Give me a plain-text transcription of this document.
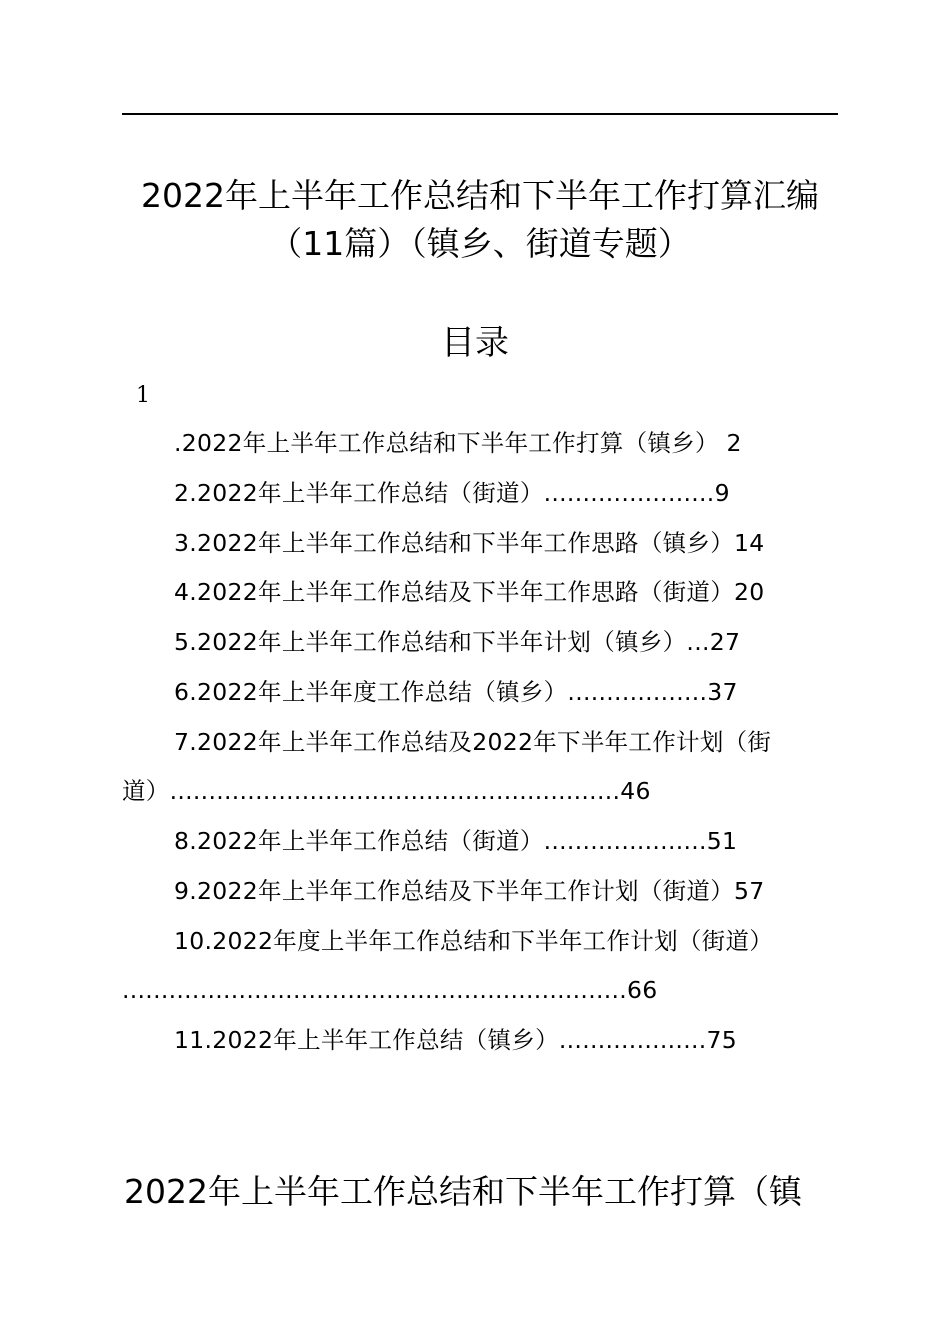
2022年上半年工作总结和下半年工作打算汇编
（11篇）（镇乡、街道专题）
目录
1
.2022年上半年工作总结和下半年工作打算（镇乡） 2
2.2022年上半年工作总结（街道）......................9
3.2022年上半年工作总结和下半年工作思路（镇乡）14
4.2022年上半年工作总结及下半年工作思路（街道）20
5.2022年上半年工作总结和下半年计划（镇乡）...27
6.2022年上半年度工作总结（镇乡）..................37
7.2022年上半年工作总结及2022年下半年工作计划（街
道）..........................................................46
8.2022年上半年工作总结（街道）.....................51
9.2022年上半年工作总结及下半年工作计划（街道）57
10.2022年度上半年工作总结和下半年工作计划（街道）
.................................................................66
11.2022年上半年工作总结（镇乡）...................75
2022年上半年工作总结和下半年工作打算（镇
